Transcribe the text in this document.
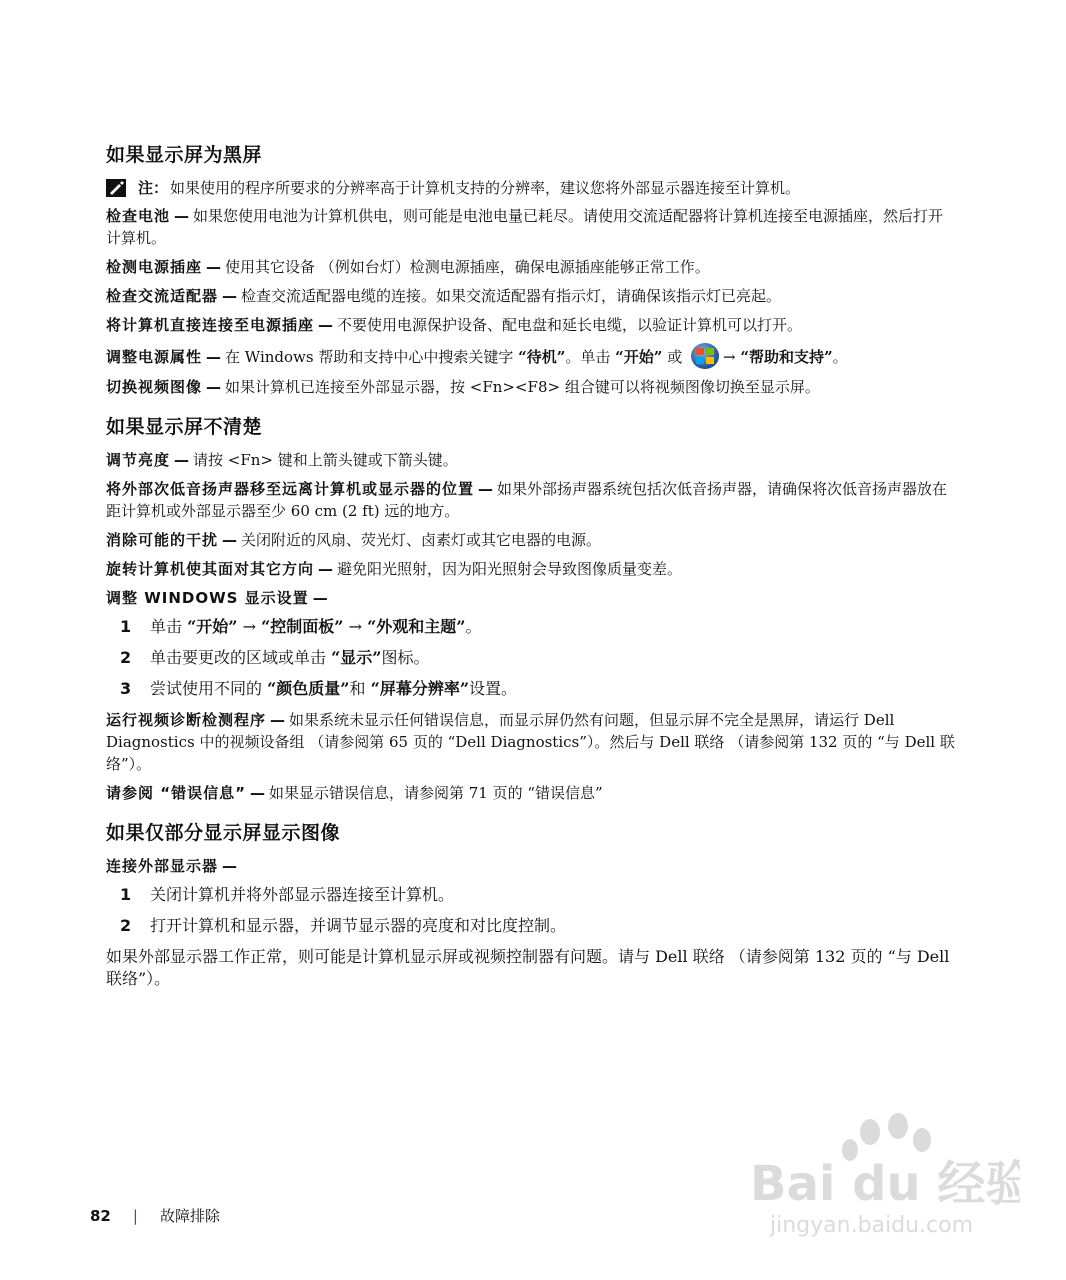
如果显示屏为黑屏
注： 如果使用的程序所要求的分辨率高于计算机支持的分辨率，建议您将外部显示器连接至计算机。

检查电池 — 如果您使用电池为计算机供电，则可能是电池电量已耗尽。请使用交流适配器将计算机连接至电源插座，然后打开计算机。

检测电源插座 — 使用其它设备 （例如台灯）检测电源插座，确保电源插座能够正常工作。

检查交流适配器 — 检查交流适配器电缆的连接。如果交流适配器有指示灯，请确保该指示灯已亮起。

将计算机直接连接至电源插座 — 不要使用电源保护设备、配电盘和延长电缆，以验证计算机可以打开。

调整电源属性 — 在 Windows 帮助和支持中心中搜索关键字 “待机”。单击 “开始” 或
→ “帮助和支持”。

切换视频图像 — 如果计算机已连接至外部显示器，按 <Fn><F8> 组合键可以将视频图像切换至显示屏。

如果显示屏不清楚

调节亮度 — 请按 <Fn> 键和上箭头键或下箭头键。

将外部次低音扬声器移至远离计算机或显示器的位置 — 如果外部扬声器系统包括次低音扬声器，请确保将次低音扬声器放在距计算机或外部显示器至少 60 cm (2 ft) 远的地方。

消除可能的干扰 — 关闭附近的风扇、荧光灯、卤素灯或其它电器的电源。

旋转计算机使其面对其它方向 — 避免阳光照射，因为阳光照射会导致图像质量变差。

调整 WINDOWS 显示设置 —

1	单击 “开始” → “控制面板” → “外观和主题”。
2	单击要更改的区域或单击 “显示”图标。
3	尝试使用不同的 “颜色质量”和 “屏幕分辨率”设置。

运行视频诊断检测程序 — 如果系统未显示任何错误信息，而显示屏仍然有问题，但显示屏不完全是黑屏，请运行 Dell Diagnostics 中的视频设备组 （请参阅第 65 页的 “Dell Diagnostics”）。然后与 Dell 联络 （请参阅第 132 页的 “与 Dell 联络”）。

请参阅 “错误信息” — 如果显示错误信息，请参阅第 71 页的 “错误信息”

如果仅部分显示屏显示图像

连接外部显示器 —

1	关闭计算机并将外部显示器连接至计算机。
2	打开计算机和显示器，并调节显示器的亮度和对比度控制。

如果外部显示器工作正常，则可能是计算机显示屏或视频控制器有问题。请与 Dell 联络 （请参阅第 132 页的 “与 Dell 联络”）。

82 | 故障排除
Bai du 经验
jingyan.baidu.com
